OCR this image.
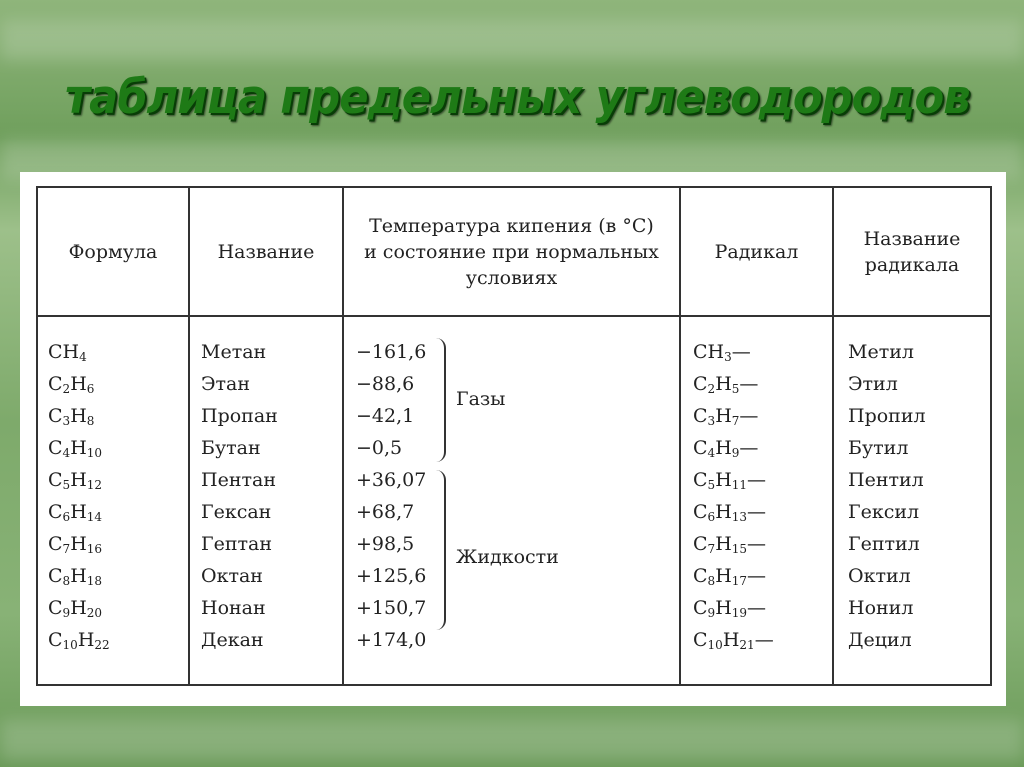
таблица предельных углеводородов
Формула	Название
Температура кипения (в °С)
и состояние при нормальных
условиях
Радикал
Название
радикала
$CH_4$
$C_2H_6$
$C_3H_8$
$C_4H_{10}$
$C_5H_{12}$
$C_6H_{14}$
$C_7H_{16}$
$C_8H_{18}$
$C_9H_{20}$
$C_{10}H_{22}$
Метан
Этан
Пропан
Бутан
Пентан
Гексан
Гептан
Октан
Нонан
Декан
−161,6
−88,6
−42,1
−0,5
+36,07
+68,7
+98,5
+125,6
+150,7
+174,0
$CH_3—$
$C_2H_5—$
$C_3H_7—$
$C_4H_9—$
$C_5H_{11}—$
$C_6H_{13}—$
$C_7H_{15}—$
$C_8H_{17}—$
$C_9H_{19}—$
$C_{10}H_{21}—$
Метил
Этил
Пропил
Бутил
Пентил
Гексил
Гептил
Октил
Нонил
Децил
Газы
Жидкости
